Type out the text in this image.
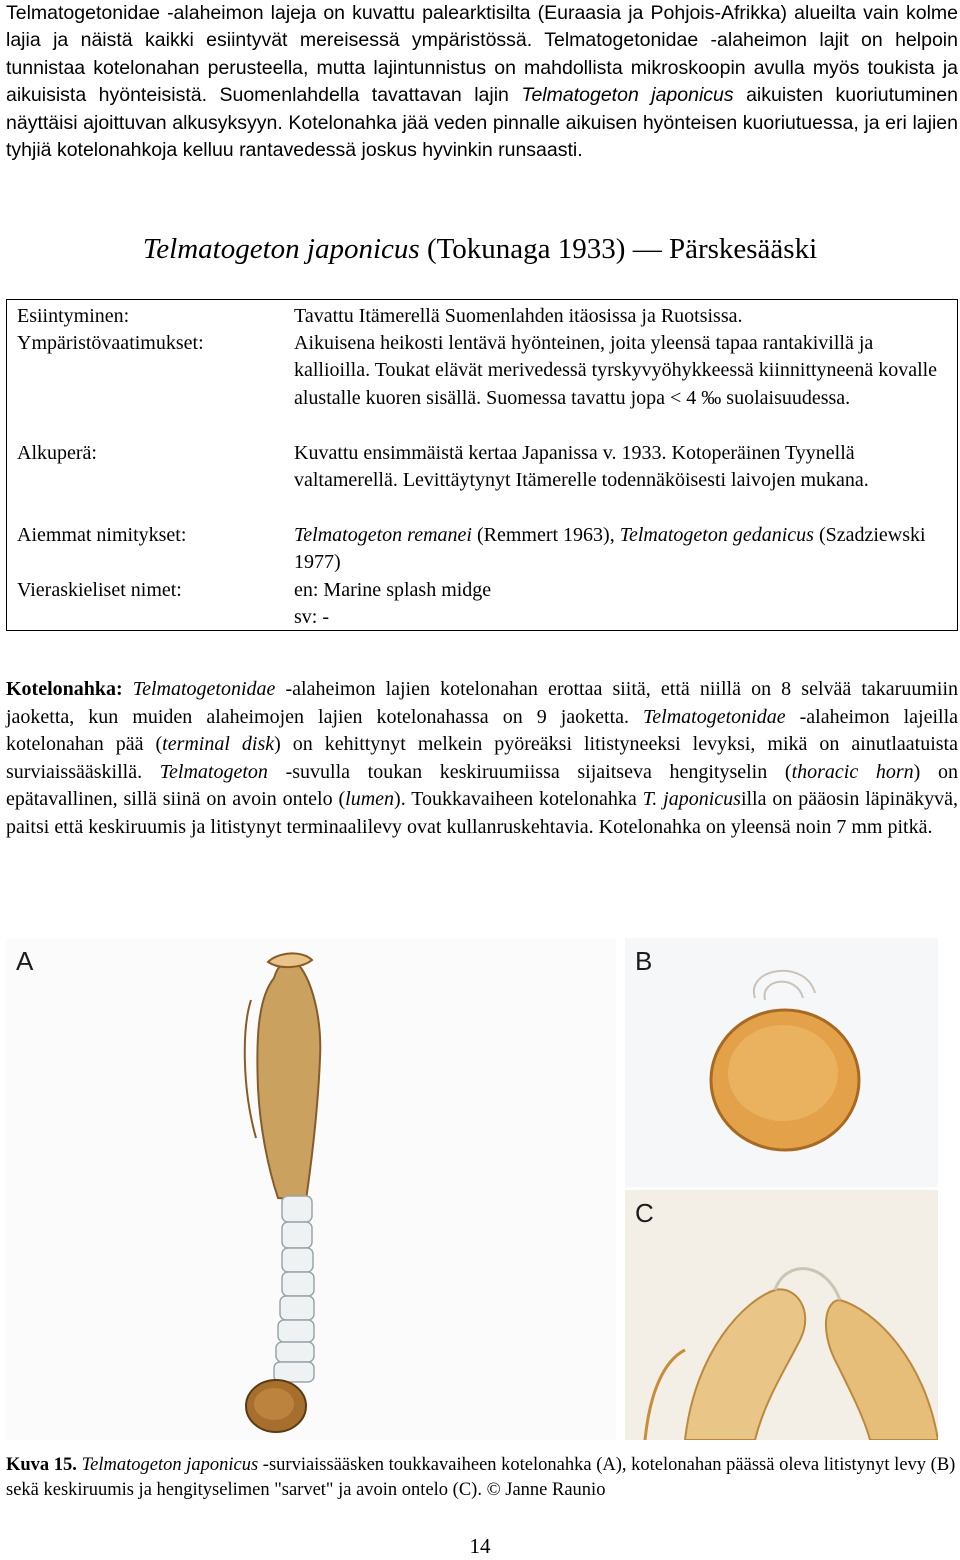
Telmatogetonidae -alaheimon lajeja on kuvattu palearktisilta (Euraasia ja Pohjois-Afrikka) alueilta vain kolme lajia ja näistä kaikki esiintyvät mereisessä ympäristössä. Telmatogetonidae -alaheimon lajit on helpoin tunnistaa kotelonahan perusteella, mutta lajintunnistus on mahdollista mikroskoopin avulla myös toukista ja aikuisista hyönteisistä. Suomenlahdella tavattavan lajin Telmatogeton japonicus aikuisten kuoriutuminen näyttäisi ajoittuvan alkusyksyyn. Kotelonahka jää veden pinnalle aikuisen hyönteisen kuoriutuessa, ja eri lajien tyhjiä kotelonahkoja kelluu rantavedessä joskus hyvinkin runsaasti.

Telmatogeton japonicus (Tokunaga 1933) — Pärskesääski
Esiintyminen:	Tavattu Itämerellä Suomenlahden itäosissa ja Ruotsissa.
Ympäristövaatimukset:	Aikuisena heikosti lentävä hyönteinen, joita yleensä tapaa rantakivillä ja kallioilla. Toukat elävät merivedessä tyrskyvyöhykkeessä kiinnittyneenä kovalle alustalle kuoren sisällä. Suomessa tavattu jopa < 4 ‰ suolaisuudessa.
Alkuperä:	Kuvattu ensimmäistä kertaa Japanissa v. 1933. Kotoperäinen Tyynellä valtamerellä. Levittäytynyt Itämerelle todennäköisesti laivojen mukana.
Aiemmat nimitykset:	Telmatogeton remanei (Remmert 1963), Telmatogeton gedanicus (Szadziewski 1977)
Vieraskieliset nimet:	en: Marine splash midge
sv: -

Kotelonahka: Telmatogetonidae -alaheimon lajien kotelonahan erottaa siitä, että niillä on 8 selvää takaruumiin jaoketta, kun muiden alaheimojen lajien kotelonahassa on 9 jaoketta. Telmatogetonidae -alaheimon lajeilla kotelonahan pää (terminal disk) on kehittynyt melkein pyöreäksi litistyneeksi levyksi, mikä on ainutlaatuista surviaissääskillä. Telmatogeton -suvulla toukan keskiruumiissa sijaitseva hengityselin (thoracic horn) on epätavallinen, sillä siinä on avoin ontelo (lumen). Toukkavaiheen kotelonahka T. japonicusilla on pääosin läpinäkyvä, paitsi että keskiruumis ja litistynyt terminaalilevy ovat kullanruskehtavia. Kotelonahka on yleensä noin 7 mm pitkä.

A	B
C

Kuva 15. Telmatogeton japonicus -surviaissääsken toukkavaiheen kotelonahka (A), kotelonahan päässä oleva litistynyt levy (B) sekä keskiruumis ja hengityselimen "sarvet" ja avoin ontelo (C). © Janne Raunio

14
